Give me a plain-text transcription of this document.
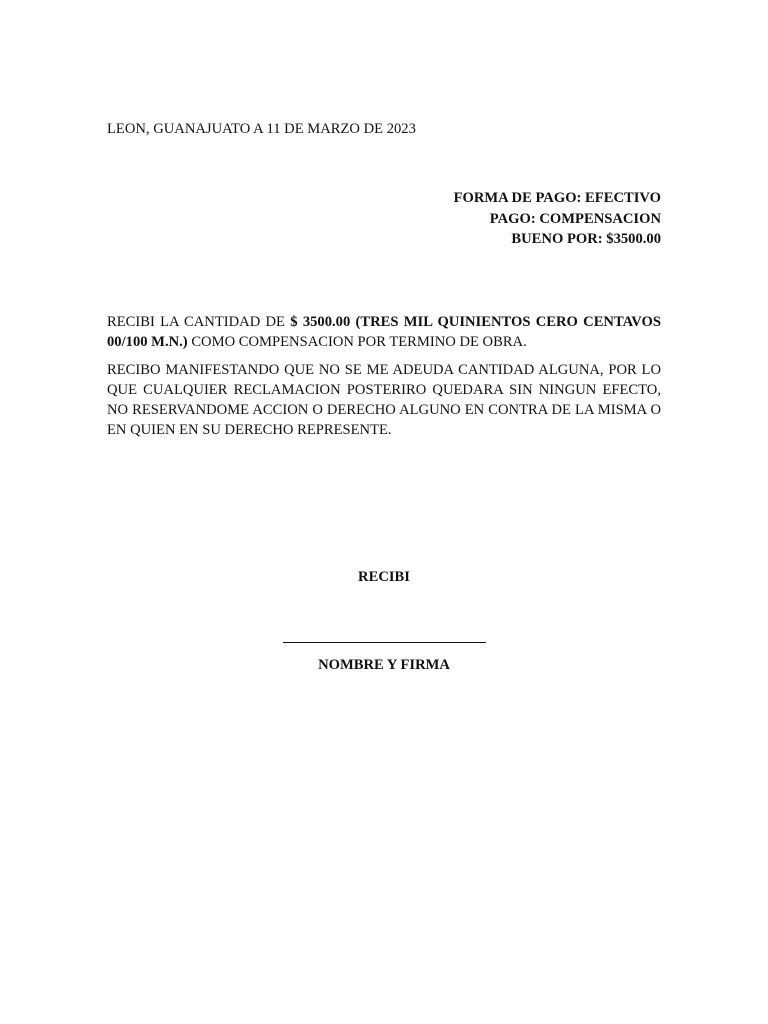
LEON, GUANAJUATO A 11 DE MARZO DE 2023
FORMA DE PAGO: EFECTIVO
PAGO: COMPENSACION
BUENO POR: $3500.00

RECIBI LA CANTIDAD DE $ 3500.00 (TRES MIL QUINIENTOS CERO CENTAVOS 00/100 M.N.) COMO COMPENSACION POR TERMINO DE OBRA.

RECIBO MANIFESTANDO QUE NO SE ME ADEUDA CANTIDAD ALGUNA, POR LO QUE CUALQUIER RECLAMACION POSTERIRO QUEDARA SIN NINGUN EFECTO, NO RESERVANDOME ACCION O DERECHO ALGUNO EN CONTRA DE LA MISMA O EN QUIEN EN SU DERECHO REPRESENTE.

RECIBI
NOMBRE Y FIRMA
